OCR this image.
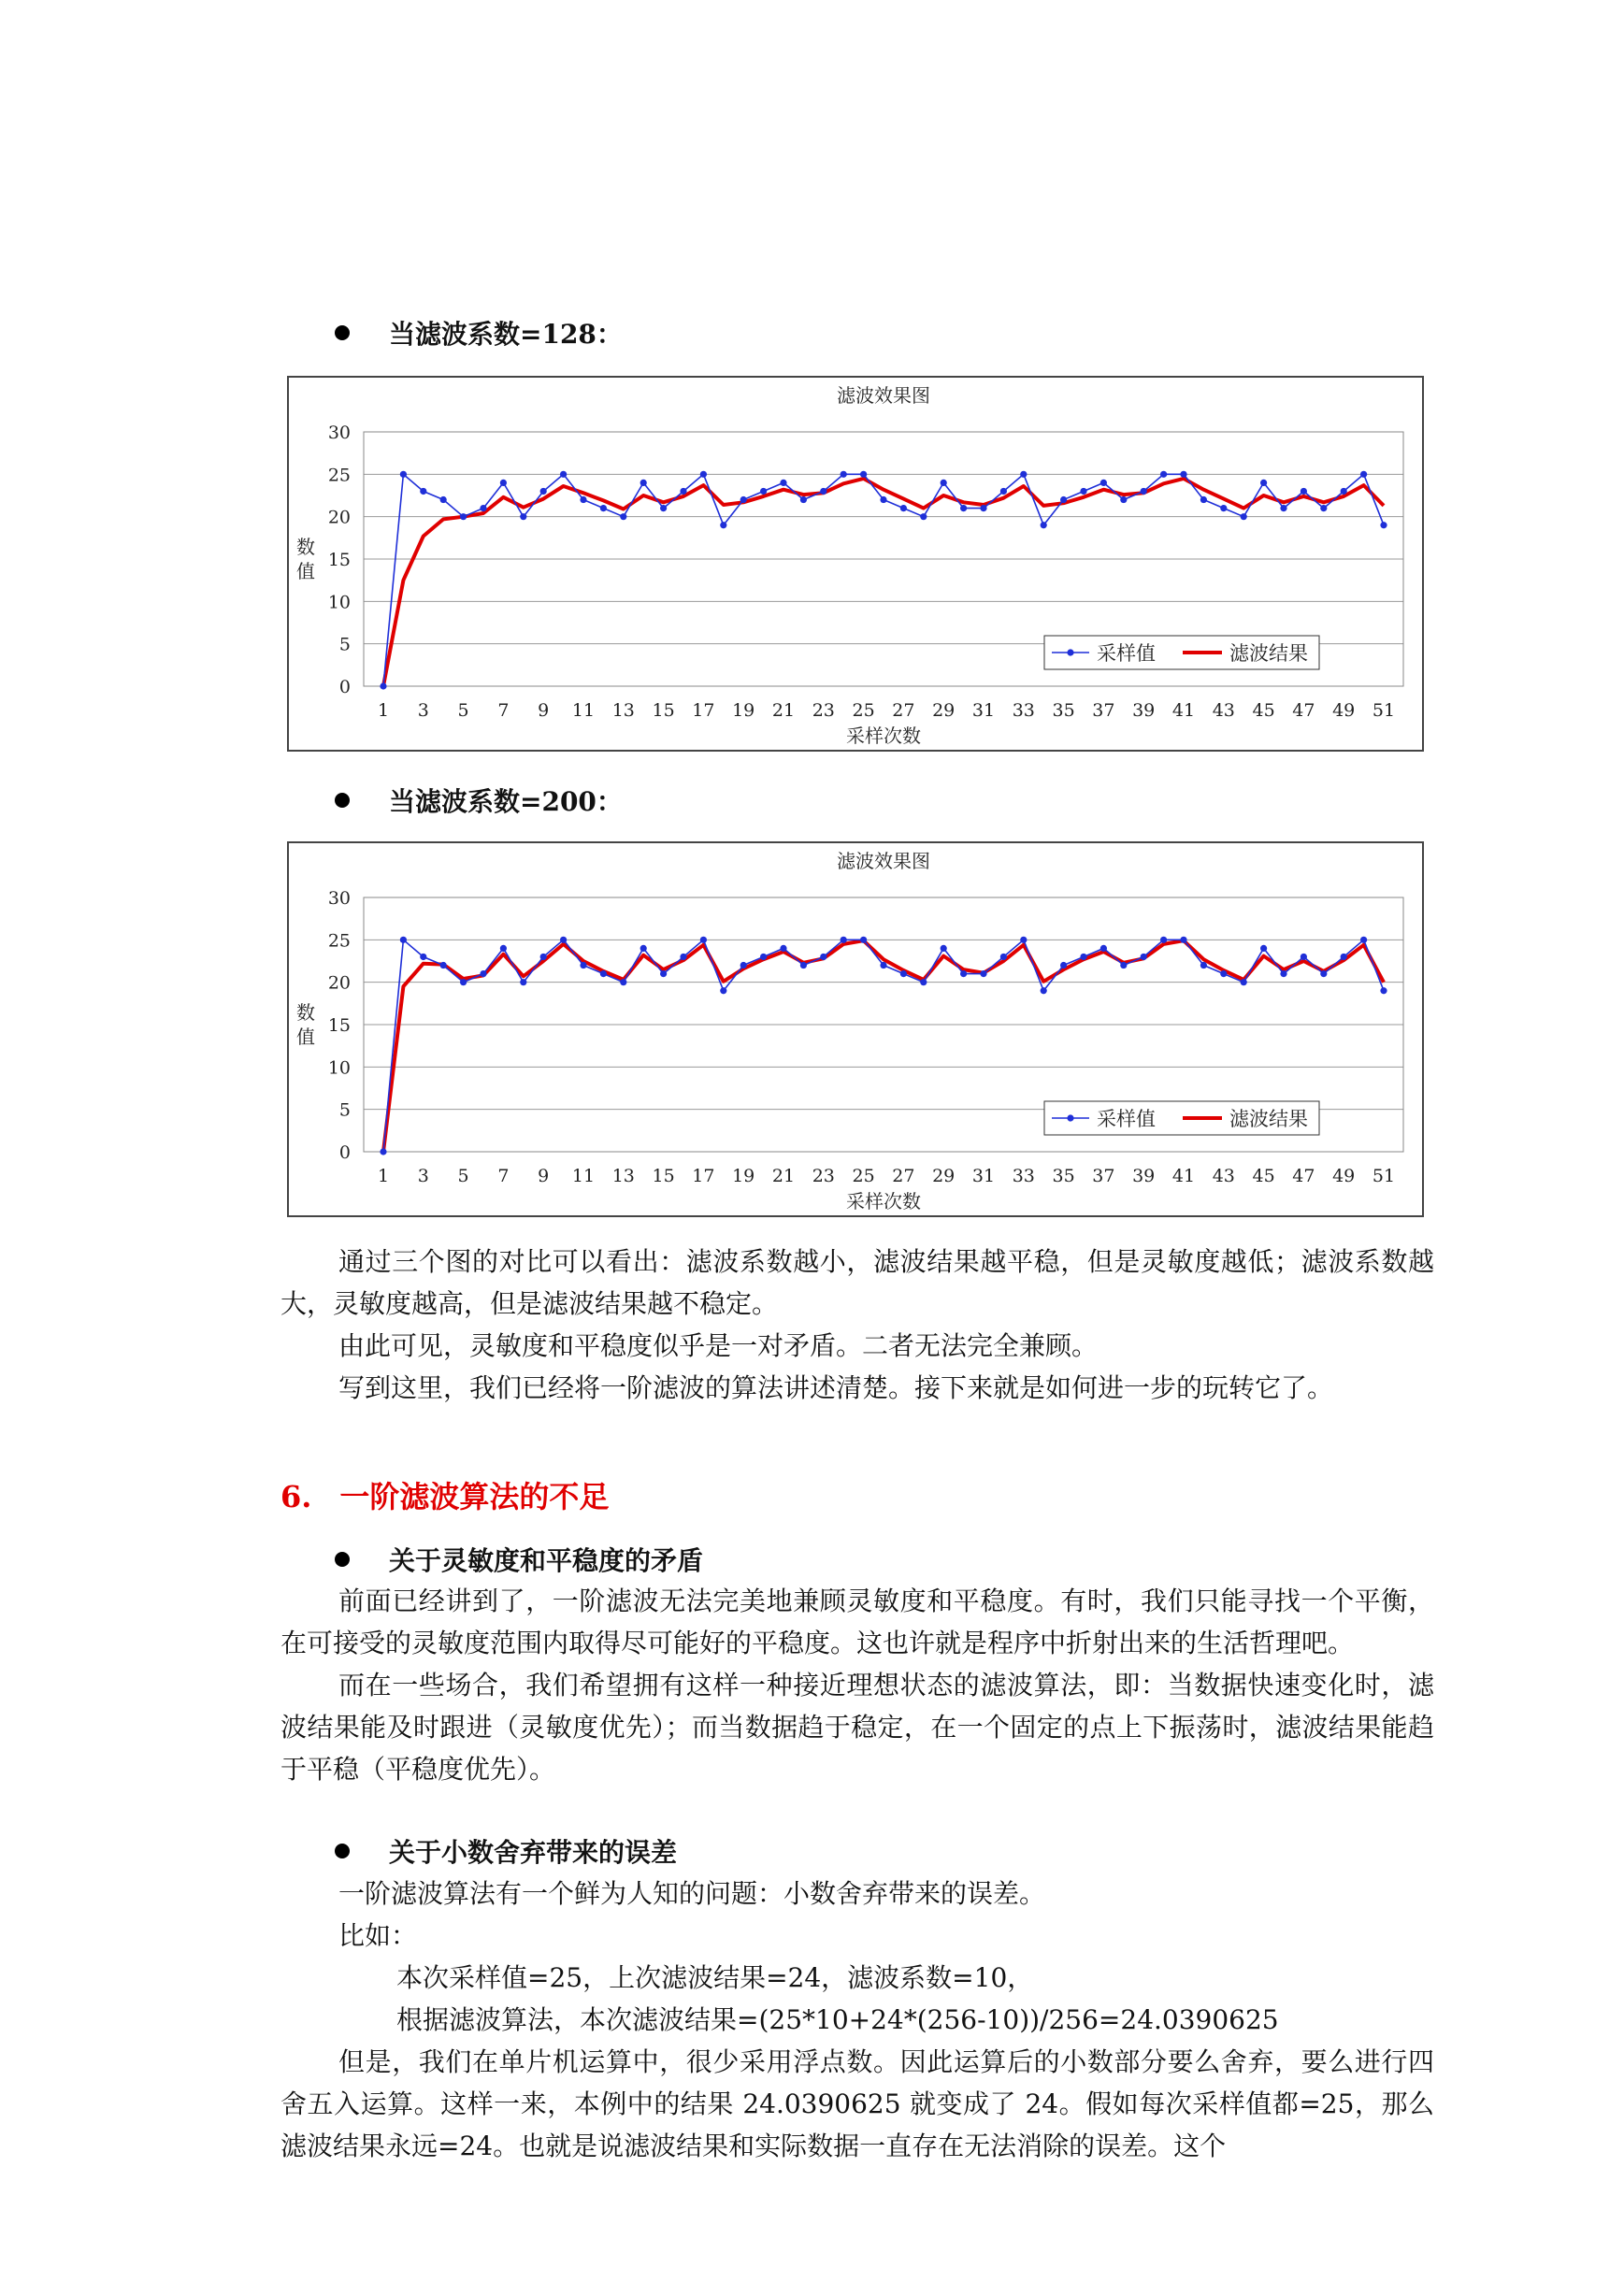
当滤波系数=128：
滤波效果图
0
5
10
15
20
25
30
1 3 5 7 9 11 13 15 17 19 21 23 25 27 29 31 33 35 37 39 41 43 45 47 49 51
采样次数
数
值
采样值	滤波结果
当滤波系数=200：
滤波效果图
0
5
10
15
20
25
30
1 3 5 7 9 11 13 15 17 19 21 23 25 27 29 31 33 35 37 39 41 43 45 47 49 51
采样次数
数
值
采样值	滤波结果

通过三个图的对比可以看出：滤波系数越小，滤波结果越平稳，但是灵敏度越低；滤波系数越大，灵敏度越高，但是滤波结果越不稳定。

由此可见，灵敏度和平稳度似乎是一对矛盾。二者无法完全兼顾。

写到这里，我们已经将一阶滤波的算法讲述清楚。接下来就是如何进一步的玩转它了。

6. 一阶滤波算法的不足
关于灵敏度和平稳度的矛盾

前面已经讲到了，一阶滤波无法完美地兼顾灵敏度和平稳度。有时，我们只能寻找一个平衡，在可接受的灵敏度范围内取得尽可能好的平稳度。这也许就是程序中折射出来的生活哲理吧。

而在一些场合，我们希望拥有这样一种接近理想状态的滤波算法，即：当数据快速变化时，滤波结果能及时跟进（灵敏度优先）；而当数据趋于稳定，在一个固定的点上下振荡时，滤波结果能趋于平稳（平稳度优先）。

关于小数舍弃带来的误差

一阶滤波算法有一个鲜为人知的问题：小数舍弃带来的误差。

比如：

本次采样值=25，上次滤波结果=24，滤波系数=10，

根据滤波算法，本次滤波结果=(25*10+24*(256-10))/256=24.0390625

但是，我们在单片机运算中，很少采用浮点数。因此运算后的小数部分要么舍弃，要么进行四舍五入运算。这样一来，本例中的结果 24.0390625 就变成了 24。假如每次采样值都=25，那么滤波结果永远=24。也就是说滤波结果和实际数据一直存在无法消除的误差。这个
